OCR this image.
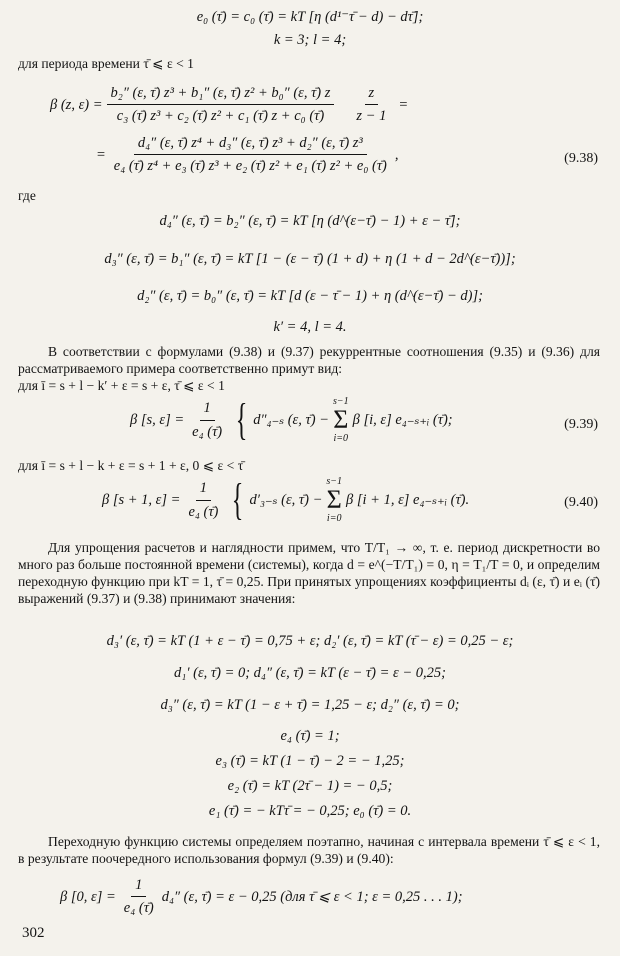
e₀ (τ̄) = c₀ (τ̄) = kT [η (d¹⁻τ̄ − d) − dτ̄];
k = 3; l = 4;
для периода времени τ̄ ⩽ ε < 1
β (z, $\varepsilon) = \frac{\text{b₂″ (ε, τ̄) z³ + b₁″ (ε, τ̄) z² + b₀″ (ε, τ̄) z}}{\text{c₃ (τ̄) z³ + c₂ (τ̄) z² + c₁ (τ̄) z + c₀ (τ̄)}} \frac{z}{z - 1}$ =
= $\frac{\text{d₄″ (ε, τ̄) z⁴ + d₃″ (ε, τ̄) z³ + d₂″ (ε, τ̄) z³}}{\text{e₄ (τ̄) z⁴ + e₃ (τ̄) z³ + e₂ (τ̄) z² + e₁ (τ̄) z² + e₀ (τ̄)}}$ ,	(9.38)
где
d₄″ (ε, τ̄) = b₂″ (ε, τ̄) = kT [η (d^(ε−τ̄) − 1) + ε − τ̄];
d₃″ (ε, τ̄) = b₁″ (ε, τ̄) = kT [1 − (ε − τ̄) (1 + d) + η (1 + d − 2d^(ε−τ̄))];
d₂″ (ε, τ̄) = b₀″ (ε, τ̄) = kT [d (ε − τ̄ − 1) + η (d^(ε−τ̄) − d)];
k′ = 4, l = 4.
В соответствии с формулами (9.38) и (9.37) рекуррентные соотношения (9.35) и (9.36) для рассматриваемого примера соответственно примут вид:
для ī = s + l − k′ + ε = s + ε, τ̄ ⩽ ε < 1
β [s, $\varepsilon] = \frac{1}{\text{e₄ (τ̄)}}$ { d″₄₋ₛ (ε, τ̄) −
s−1
Σ
i=0
β [i, ε] e₄₋ₛ₊ᵢ (τ̄);	(9.39)
для ī = s + l − k + ε = s + 1 + ε, 0 ⩽ ε < τ̄
β [s + 1, $\varepsilon] = \frac{1}{\text{e₄ (τ̄)}}$ { d′₃₋ₛ (ε, τ̄) −
s−1
Σ
i=0
β [i + 1, ε] e₄₋ₛ₊ᵢ (τ̄).	(9.40)
Для упрощения расчетов и наглядности примем, что T/T₁ → ∞, т. е. период дискретности во много раз больше постоянной времени (системы), когда d = e^(−T/T₁) = 0, η = T₁/T = 0, и определим переходную функцию при kT = 1, τ̄ = 0,25. При принятых упрощениях коэффициенты dᵢ (ε, τ̄) и eᵢ (τ̄) выражений (9.37) и (9.38) принимают значения:
d₃′ (ε, τ̄) = kT (1 + ε − τ̄) = 0,75 + ε; d₂′ (ε, τ̄) = kT (τ̄ − ε) = 0,25 − ε;
d₁′ (ε, τ̄) = 0; d₄″ (ε, τ̄) = kT (ε − τ̄) = ε − 0,25;
d₃″ (ε, τ̄) = kT (1 − ε + τ̄) = 1,25 − ε; d₂″ (ε, τ̄) = 0;
e₄ (τ̄) = 1;
e₃ (τ̄) = kT (1 − τ̄) − 2 = − 1,25;
e₂ (τ̄) = kT (2τ̄ − 1) = − 0,5;
e₁ (τ̄) = − kTτ̄ = − 0,25; e₀ (τ̄) = 0.
Переходную функцию системы определяем поэтапно, начиная с интервала времени τ̄ ⩽ ε < 1, в результате поочередного использования формул (9.39) и (9.40):
β [0, $\varepsilon] = \frac{1}{\text{e₄ (τ̄)}} d_4''$ (ε, τ̄) = ε − 0,25 (для τ̄ ⩽ ε < 1; ε = 0,25 . . . 1);
302
